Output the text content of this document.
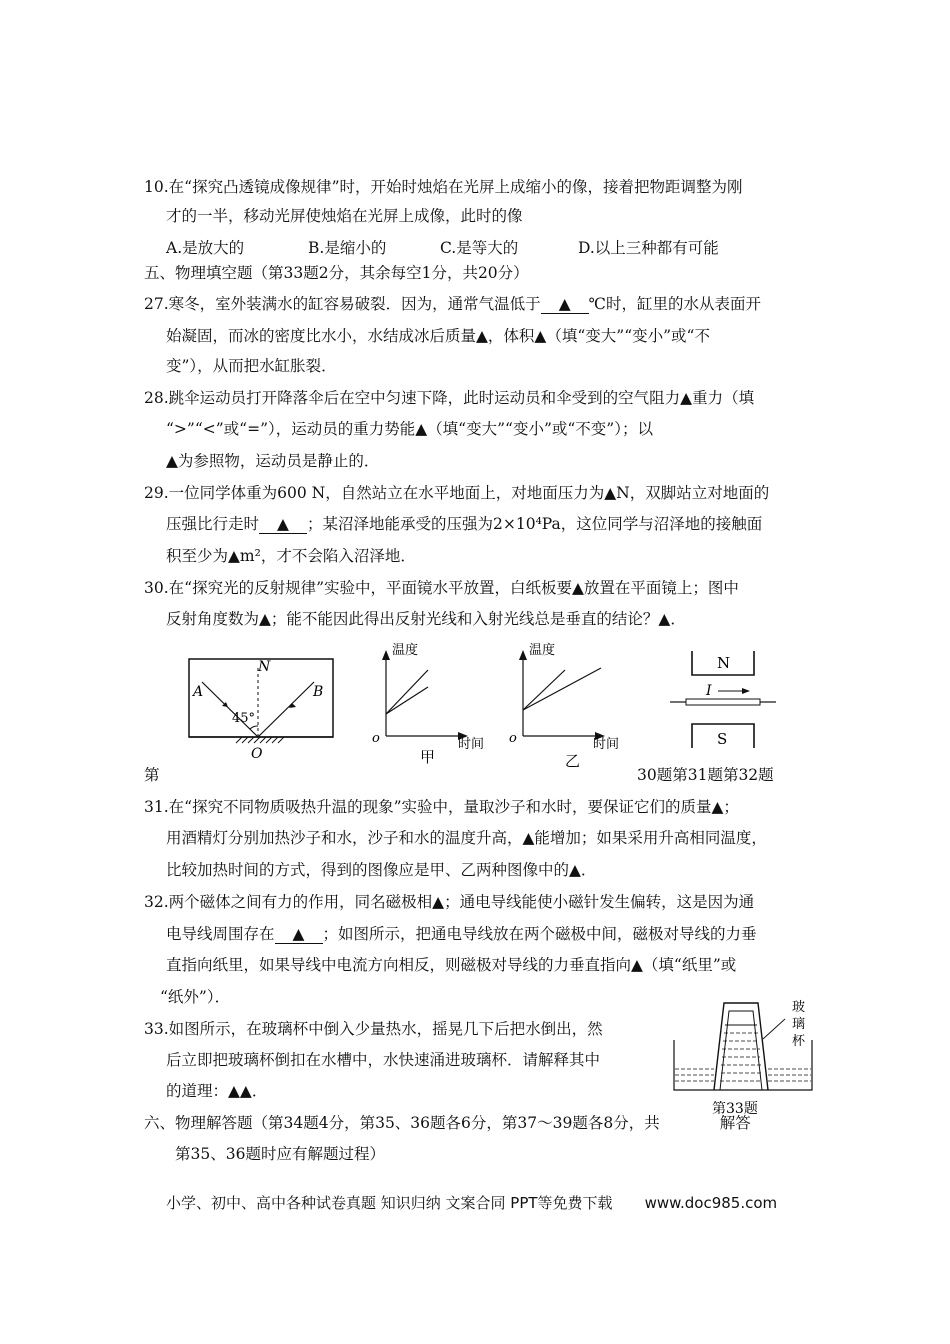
10.在“探究凸透镜成像规律”时，开始时烛焰在光屏上成缩小的像，接着把物距调整为刚
才的一半，移动光屏使烛焰在光屏上成像，此时的像
A.是放大的	B.是缩小的	C.是等大的	D.以上三种都有可能
五、物理填空题（第33题2分，其余每空1分，共20分）
27.寒冬，室外装满水的缸容易破裂．因为，通常气温低于 ▲ ℃时，缸里的水从表面开
始凝固，而冰的密度比水小，水结成冰后质量▲，体积▲（填“变大”“变小”或“不
变”），从而把水缸胀裂．
28.跳伞运动员打开降落伞后在空中匀速下降，此时运动员和伞受到的空气阻力▲重力（填
“>”“<”或“=”），运动员的重力势能▲（填“变大”“变小”或“不变”）；以
▲为参照物，运动员是静止的．
29.一位同学体重为600 N，自然站立在水平地面上，对地面压力为▲N，双脚站立对地面的
压强比行走时 ▲ ；某沼泽地能承受的压强为2×10⁴Pa，这位同学与沼泽地的接触面
积至少为▲m²，才不会陷入沼泽地．
30.在“探究光的反射规律”实验中，平面镜水平放置，白纸板要▲放置在平面镜上；图中
反射角度数为▲；能不能因此得出反射光线和入射光线总是垂直的结论？▲．
N
A	B
O
45°
温度
o	时间
甲
温度
o	时间
乙
N
I
S
第	30题第31题第32题
31.在“探究不同物质吸热升温的现象”实验中，量取沙子和水时，要保证它们的质量▲；
用酒精灯分别加热沙子和水，沙子和水的温度升高，▲能增加；如果采用升高相同温度，
比较加热时间的方式，得到的图像应是甲、乙两种图像中的▲．
32.两个磁体之间有力的作用，同名磁极相▲；通电导线能使小磁针发生偏转，这是因为通
电导线周围存在 ▲ ；如图所示，把通电导线放在两个磁极中间，磁极对导线的力垂
直指向纸里，如果导线中电流方向相反，则磁极对导线的力垂直指向▲（填“纸里”或
“纸外”）．
33.如图所示，在玻璃杯中倒入少量热水，摇晃几下后把水倒出，然
后立即把玻璃杯倒扣在水槽中，水快速涌进玻璃杯．请解释其中
的道理：▲▲．
玻
璃
杯
第33题
六、物理解答题（第34题4分，第35、36题各6分，第37～39题各8分，共	解答
第35、36题时应有解题过程）
小学、初中、高中各种试卷真题 知识归纳 文案合同 PPT等免费下载 www.doc985.com
